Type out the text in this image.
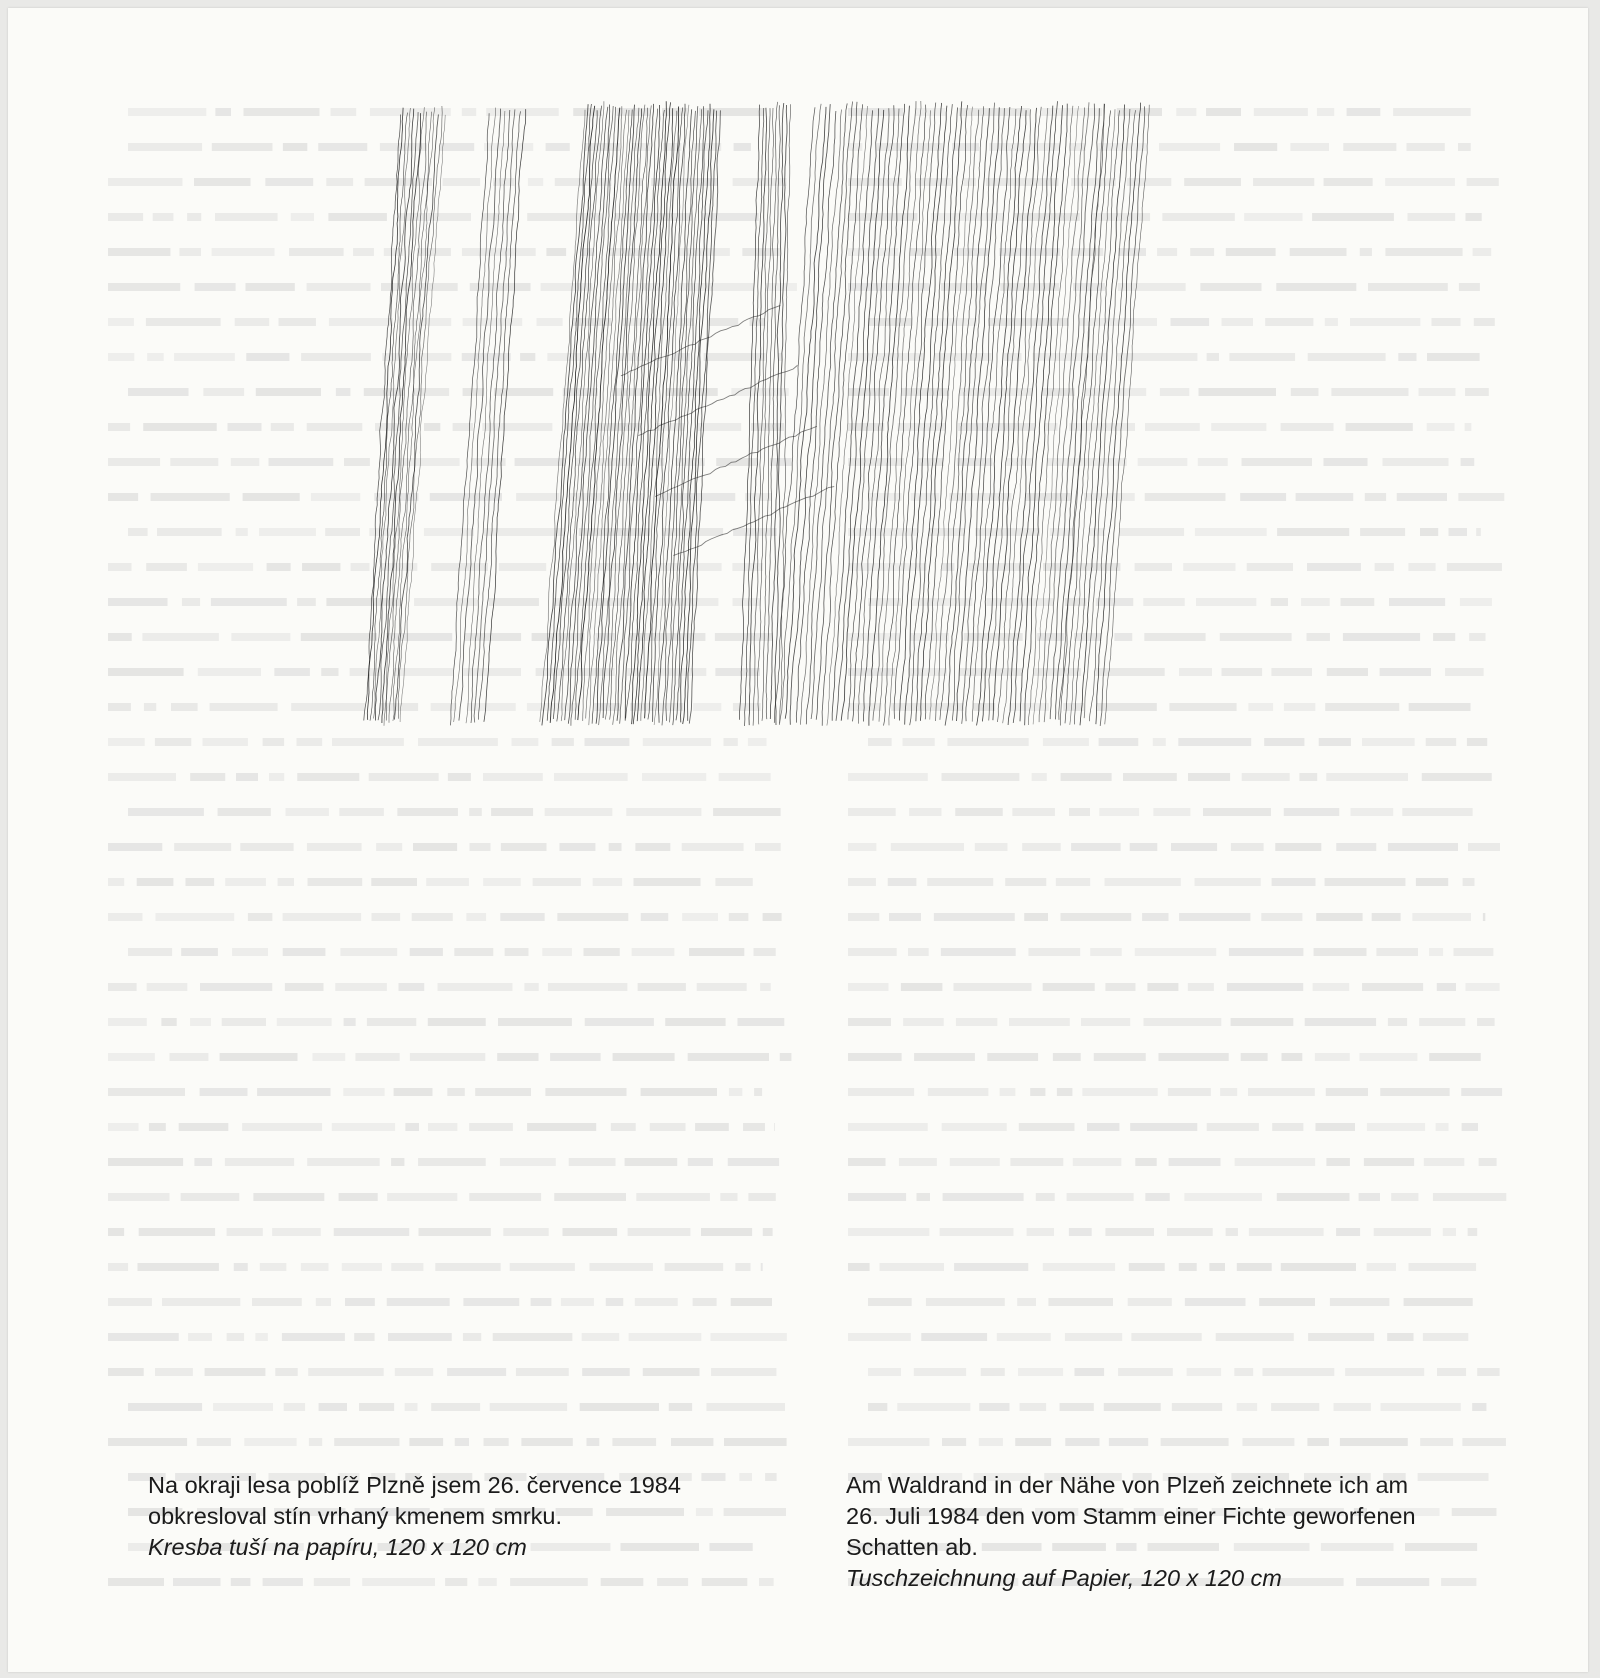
Na okraji lesa poblíž Plzně jsem 26. července 1984

obkresloval stín vrhaný kmenem smrku.

Kresba tuší na papíru, 120 x 120 cm

Am Waldrand in der Nähe von Plzeň zeichnete ich am

26. Juli 1984 den vom Stamm einer Fichte geworfenen

Schatten ab.

Tuschzeichnung auf Papier, 120 x 120 cm
